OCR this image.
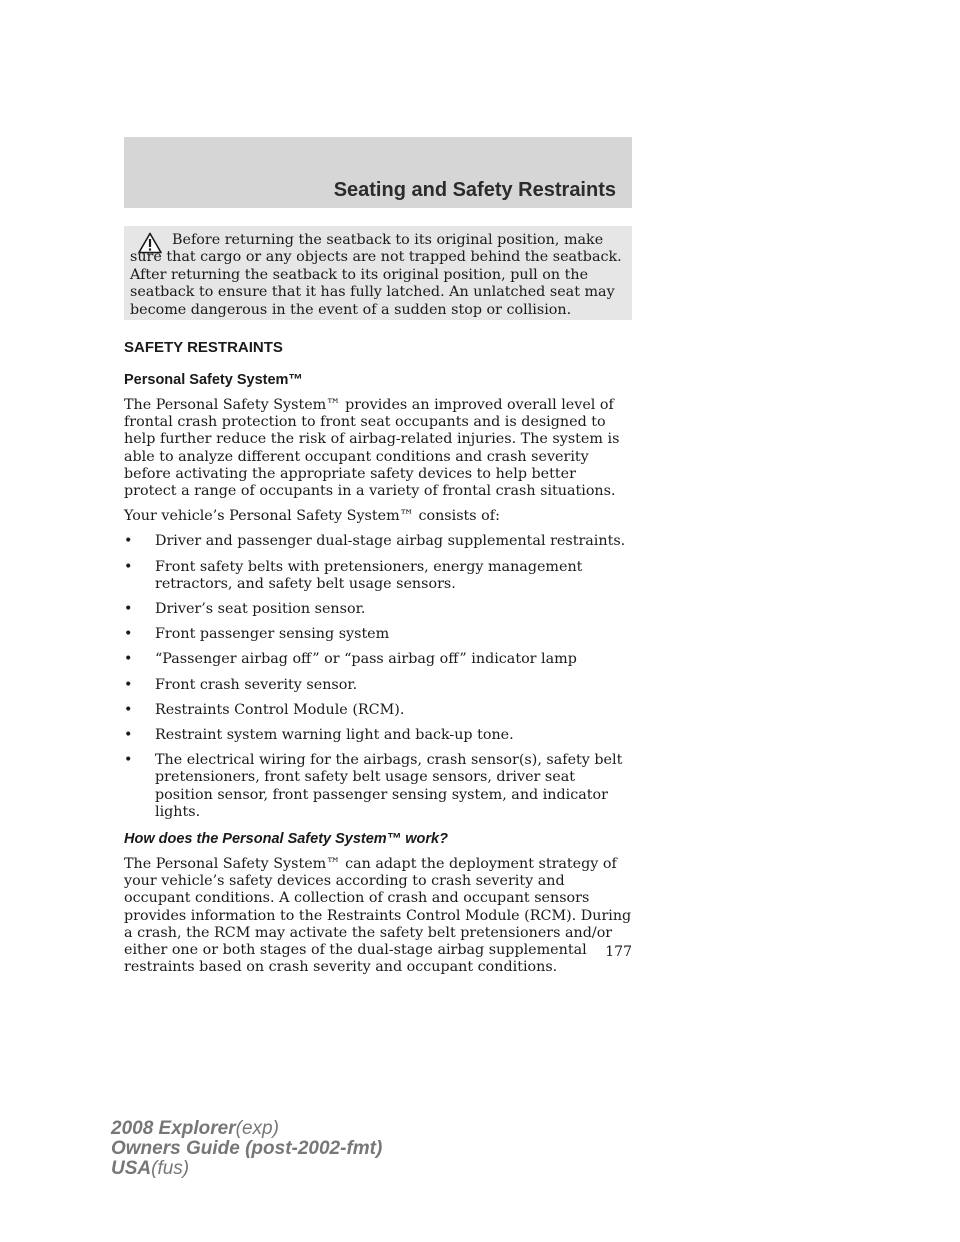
Seating and Safety Restraints

Before returning the seatback to its original position, make sure that cargo or any objects are not trapped behind the seatback. After returning the seatback to its original position, pull on the seatback to ensure that it has fully latched. An unlatched seat may become dangerous in the event of a sudden stop or collision.

SAFETY RESTRAINTS
Personal Safety System™

The Personal Safety System™ provides an improved overall level of frontal crash protection to front seat occupants and is designed to help further reduce the risk of airbag-related injuries. The system is able to analyze different occupant conditions and crash severity before activating the appropriate safety devices to help better protect a range of occupants in a variety of frontal crash situations.

Your vehicle’s Personal Safety System™ consists of:

• Driver and passenger dual-stage airbag supplemental restraints.
• Front safety belts with pretensioners, energy management retractors, and safety belt usage sensors.
• Driver’s seat position sensor.
• Front passenger sensing system
• “Passenger airbag off” or “pass airbag off” indicator lamp
• Front crash severity sensor.
• Restraints Control Module (RCM).
• Restraint system warning light and back-up tone.
• The electrical wiring for the airbags, crash sensor(s), safety belt pretensioners, front safety belt usage sensors, driver seat position sensor, front passenger sensing system, and indicator lights.
How does the Personal Safety System™ work?

The Personal Safety System™ can adapt the deployment strategy of your vehicle’s safety devices according to crash severity and occupant conditions. A collection of crash and occupant sensors provides information to the Restraints Control Module (RCM). During a crash, the RCM may activate the safety belt pretensioners and/or either one or both stages of the dual-stage airbag supplemental restraints based on crash severity and occupant conditions.

177
2008 Explorer(exp)
Owners Guide (post-2002-fmt)
USA(fus)
